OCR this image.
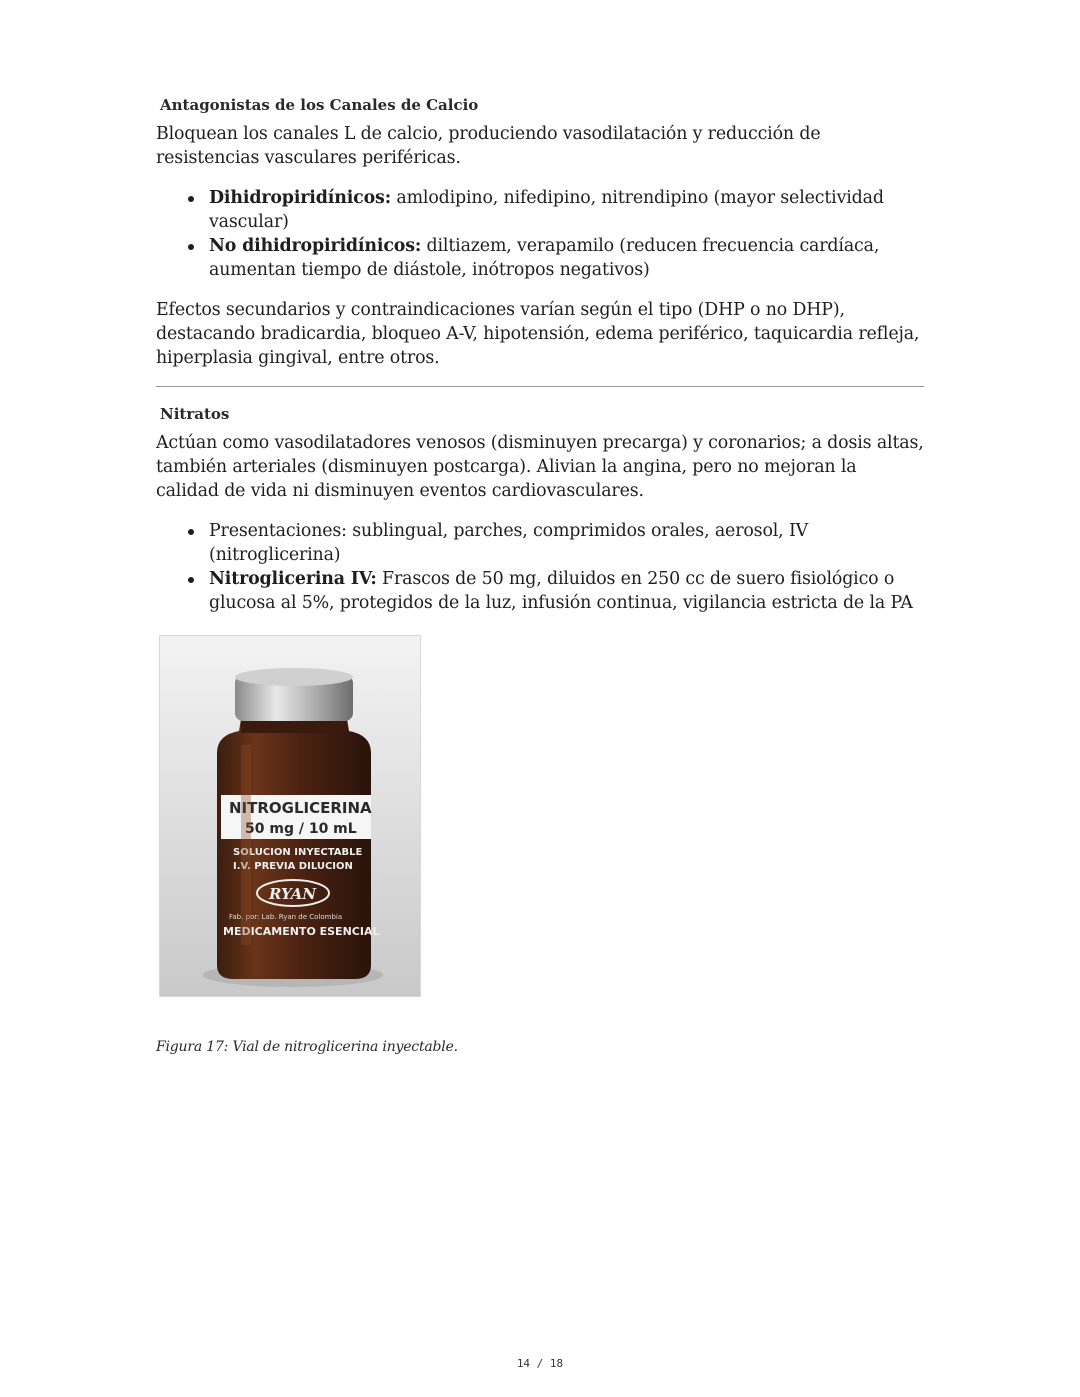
Antagonistas de los Canales de Calcio

Bloquean los canales L de calcio, produciendo vasodilatación y reducción de resistencias vasculares periféricas.

Dihidropiridínicos: amlodipino, nifedipino, nitrendipino (mayor selectividad vascular)
No dihidropiridínicos: diltiazem, verapamilo (reducen frecuencia cardíaca, aumentan tiempo de diástole, inótropos negativos)

Efectos secundarios y contraindicaciones varían según el tipo (DHP o no DHP), destacando bradicardia, bloqueo A-V, hipotensión, edema periférico, taquicardia refleja, hiperplasia gingival, entre otros.

Nitratos

Actúan como vasodilatadores venosos (disminuyen precarga) y coronarios; a dosis altas, también arteriales (disminuyen postcarga). Alivian la angina, pero no mejoran la calidad de vida ni disminuyen eventos cardiovasculares.

Presentaciones: sublingual, parches, comprimidos orales, aerosol, IV (nitroglicerina)
Nitroglicerina IV: Frascos de 50 mg, diluidos en 250 cc de suero fisiológico o glucosa al 5%, protegidos de la luz, infusión continua, vigilancia estricta de la PA
NITROGLICERINA
50 mg / 10 mL
SOLUCION INYECTABLE
I.V. PREVIA DILUCION
RYAN
Fab. por: Lab. Ryan de Colombia
MEDICAMENTO ESENCIAL
Figura 17: Vial de nitroglicerina inyectable.
14 / 18
